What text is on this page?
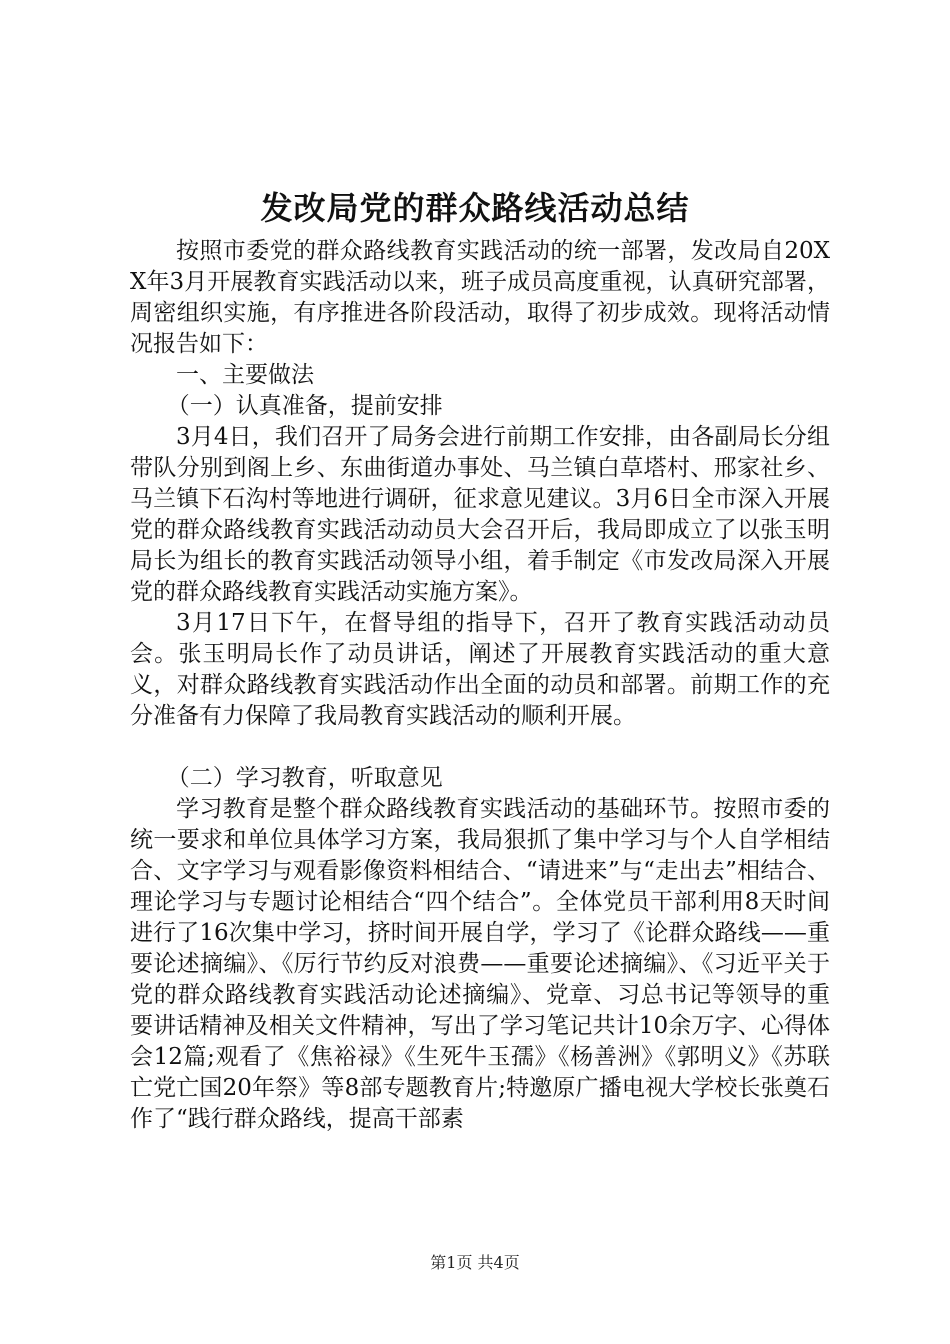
发改局党的群众路线活动总结

按照市委党的群众路线教育实践活动的统一部署，发改局自20XX年3月开展教育实践活动以来，班子成员高度重视，认真研究部署，周密组织实施，有序推进各阶段活动，取得了初步成效。现将活动情况报告如下：

一、主要做法

（一）认真准备，提前安排

3月4日，我们召开了局务会进行前期工作安排，由各副局长分组带队分别到阁上乡、东曲街道办事处、马兰镇白草塔村、邢家社乡、马兰镇下石沟村等地进行调研，征求意见建议。3月6日全市深入开展党的群众路线教育实践活动动员大会召开后，我局即成立了以张玉明局长为组长的教育实践活动领导小组，着手制定《市发改局深入开展党的群众路线教育实践活动实施方案》。

3月17日下午，在督导组的指导下，召开了教育实践活动动员会。张玉明局长作了动员讲话，阐述了开展教育实践活动的重大意义，对群众路线教育实践活动作出全面的动员和部署。前期工作的充分准备有力保障了我局教育实践活动的顺利开展。

（二）学习教育，听取意见

学习教育是整个群众路线教育实践活动的基础环节。按照市委的统一要求和单位具体学习方案，我局狠抓了集中学习与个人自学相结合、文字学习与观看影像资料相结合、“请进来”与“走出去”相结合、理论学习与专题讨论相结合“四个结合”。全体党员干部利用8天时间进行了16次集中学习，挤时间开展自学，学习了《论群众路线——重要论述摘编》、《厉行节约反对浪费——重要论述摘编》、《习近平关于党的群众路线教育实践活动论述摘编》、党章、习总书记等领导的重要讲话精神及相关文件精神，写出了学习笔记共计10余万字、心得体会12篇;观看了《焦裕禄》《生死牛玉孺》《杨善洲》《郭明义》《苏联亡党亡国20年祭》等8部专题教育片;特邀原广播电视大学校长张奠石作了“践行群众路线，提高干部素

第1页 共4页
